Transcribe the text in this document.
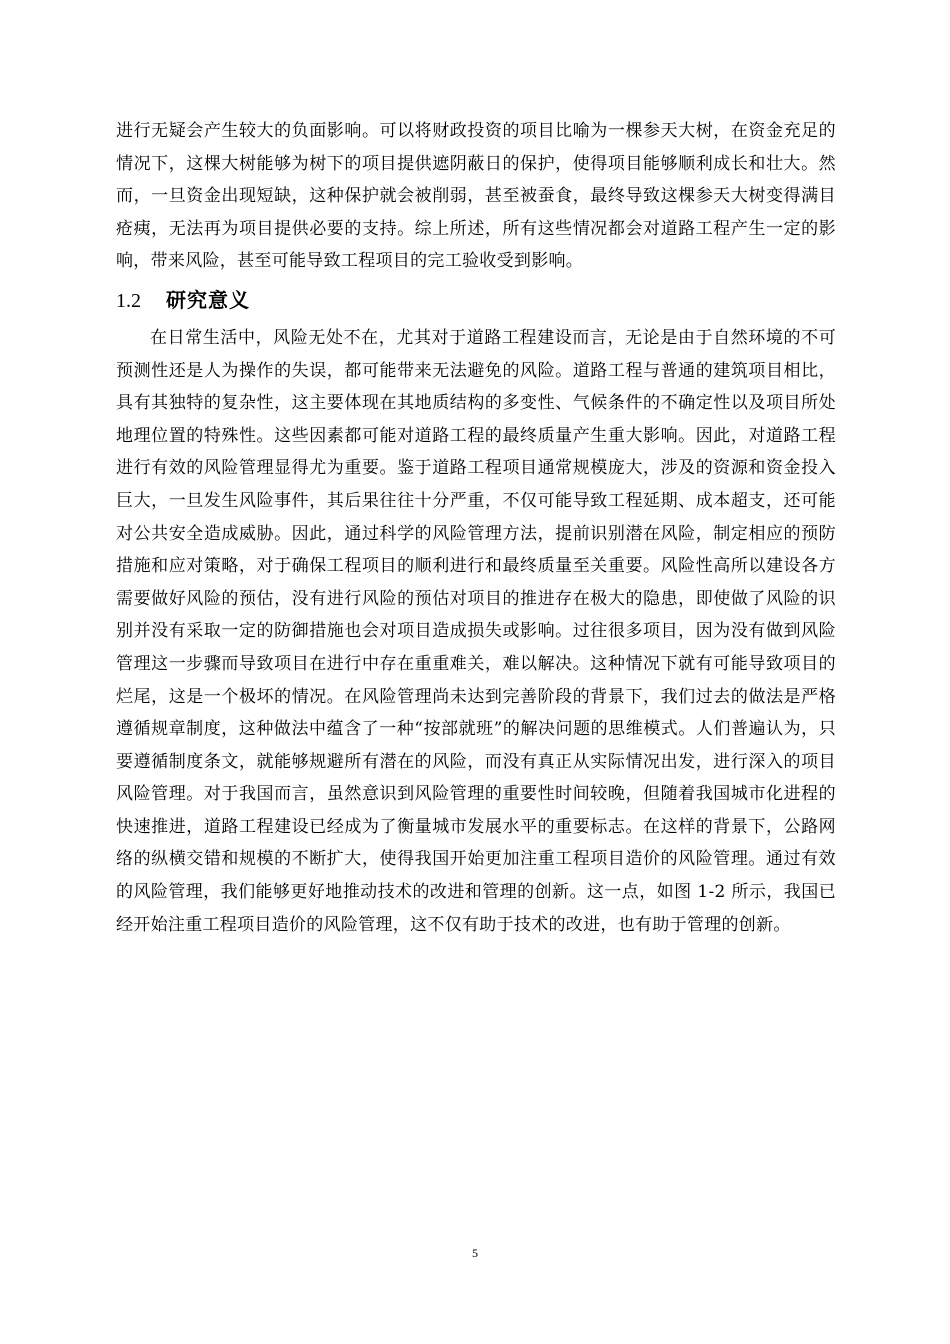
进行无疑会产生较大的负面影响。可以将财政投资的项目比喻为一棵参天大树，在资金充足的情况下，这棵大树能够为树下的项目提供遮阴蔽日的保护，使得项目能够顺利成长和壮大。然而，一旦资金出现短缺，这种保护就会被削弱，甚至被蚕食，最终导致这棵参天大树变得满目疮痍，无法再为项目提供必要的支持。综上所述，所有这些情况都会对道路工程产生一定的影响，带来风险，甚至可能导致工程项目的完工验收受到影响。

1.2 研究意义

在日常生活中，风险无处不在，尤其对于道路工程建设而言，无论是由于自然环境的不可预测性还是人为操作的失误，都可能带来无法避免的风险。道路工程与普通的建筑项目相比，具有其独特的复杂性，这主要体现在其地质结构的多变性、气候条件的不确定性以及项目所处地理位置的特殊性。这些因素都可能对道路工程的最终质量产生重大影响。因此，对道路工程进行有效的风险管理显得尤为重要。鉴于道路工程项目通常规模庞大，涉及的资源和资金投入巨大，一旦发生风险事件，其后果往往十分严重，不仅可能导致工程延期、成本超支，还可能对公共安全造成威胁。因此，通过科学的风险管理方法，提前识别潜在风险，制定相应的预防措施和应对策略，对于确保工程项目的顺利进行和最终质量至关重要。风险性高所以建设各方需要做好风险的预估，没有进行风险的预估对项目的推进存在极大的隐患，即使做了风险的识别并没有采取一定的防御措施也会对项目造成损失或影响。过往很多项目，因为没有做到风险管理这一步骤而导致项目在进行中存在重重难关，难以解决。这种情况下就有可能导致项目的烂尾，这是一个极坏的情况。在风险管理尚未达到完善阶段的背景下，我们过去的做法是严格遵循规章制度，这种做法中蕴含了一种“按部就班”的解决问题的思维模式。人们普遍认为，只要遵循制度条文，就能够规避所有潜在的风险，而没有真正从实际情况出发，进行深入的项目风险管理。对于我国而言，虽然意识到风险管理的重要性时间较晚，但随着我国城市化进程的快速推进，道路工程建设已经成为了衡量城市发展水平的重要标志。在这样的背景下，公路网络的纵横交错和规模的不断扩大，使得我国开始更加注重工程项目造价的风险管理。通过有效的风险管理，我们能够更好地推动技术的改进和管理的创新。这一点，如图 1-2 所示，我国已经开始注重工程项目造价的风险管理，这不仅有助于技术的改进，也有助于管理的创新。

5
